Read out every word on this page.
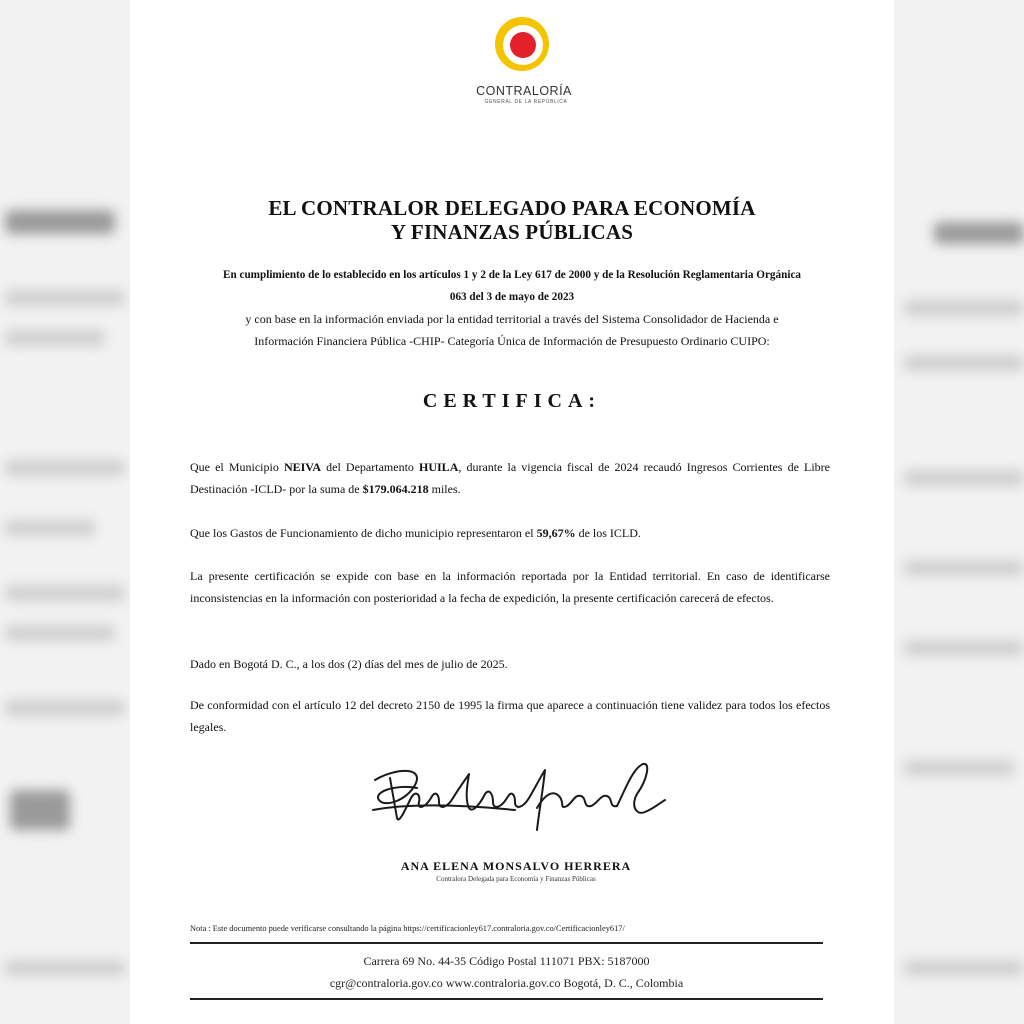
CONTRALORÍA
GENERAL DE LA REPÚBLICA
EL CONTRALOR DELEGADO PARA ECONOMÍA
Y FINANZAS PÚBLICAS
En cumplimiento de lo establecido en los artículos 1 y 2 de la Ley 617 de 2000 y de la Resolución Reglamentaria Orgánica
063 del 3 de mayo de 2023
y con base en la información enviada por la entidad territorial a través del Sistema Consolidador de Hacienda e
Información Financiera Pública -CHIP- Categoría Única de Información de Presupuesto Ordinario CUIPO:
CERTIFICA:
Que el Municipio NEIVA del Departamento HUILA, durante la vigencia fiscal de 2024 recaudó Ingresos Corrientes de Libre Destinación -ICLD- por la suma de $179.064.218 miles.
Que los Gastos de Funcionamiento de dicho municipio representaron el 59,67% de los ICLD.
La presente certificación se expide con base en la información reportada por la Entidad territorial. En caso de identificarse inconsistencias en la información con posterioridad a la fecha de expedición, la presente certificación carecerá de efectos.
Dado en Bogotá D. C., a los dos (2) días del mes de julio de 2025.
De conformidad con el artículo 12 del decreto 2150 de 1995 la firma que aparece a continuación tiene validez para todos los efectos legales.
ANA ELENA MONSALVO HERRERA
Contralora Delegada para Economía y Finanzas Públicas
Nota : Este documento puede verificarse consultando la página https://certificacionley617.contraloria.gov.co/Certificacionley617/
Carrera 69 No. 44-35 Código Postal 111071 PBX: 5187000
cgr@contraloria.gov.co www.contraloria.gov.co Bogotá, D. C., Colombia
